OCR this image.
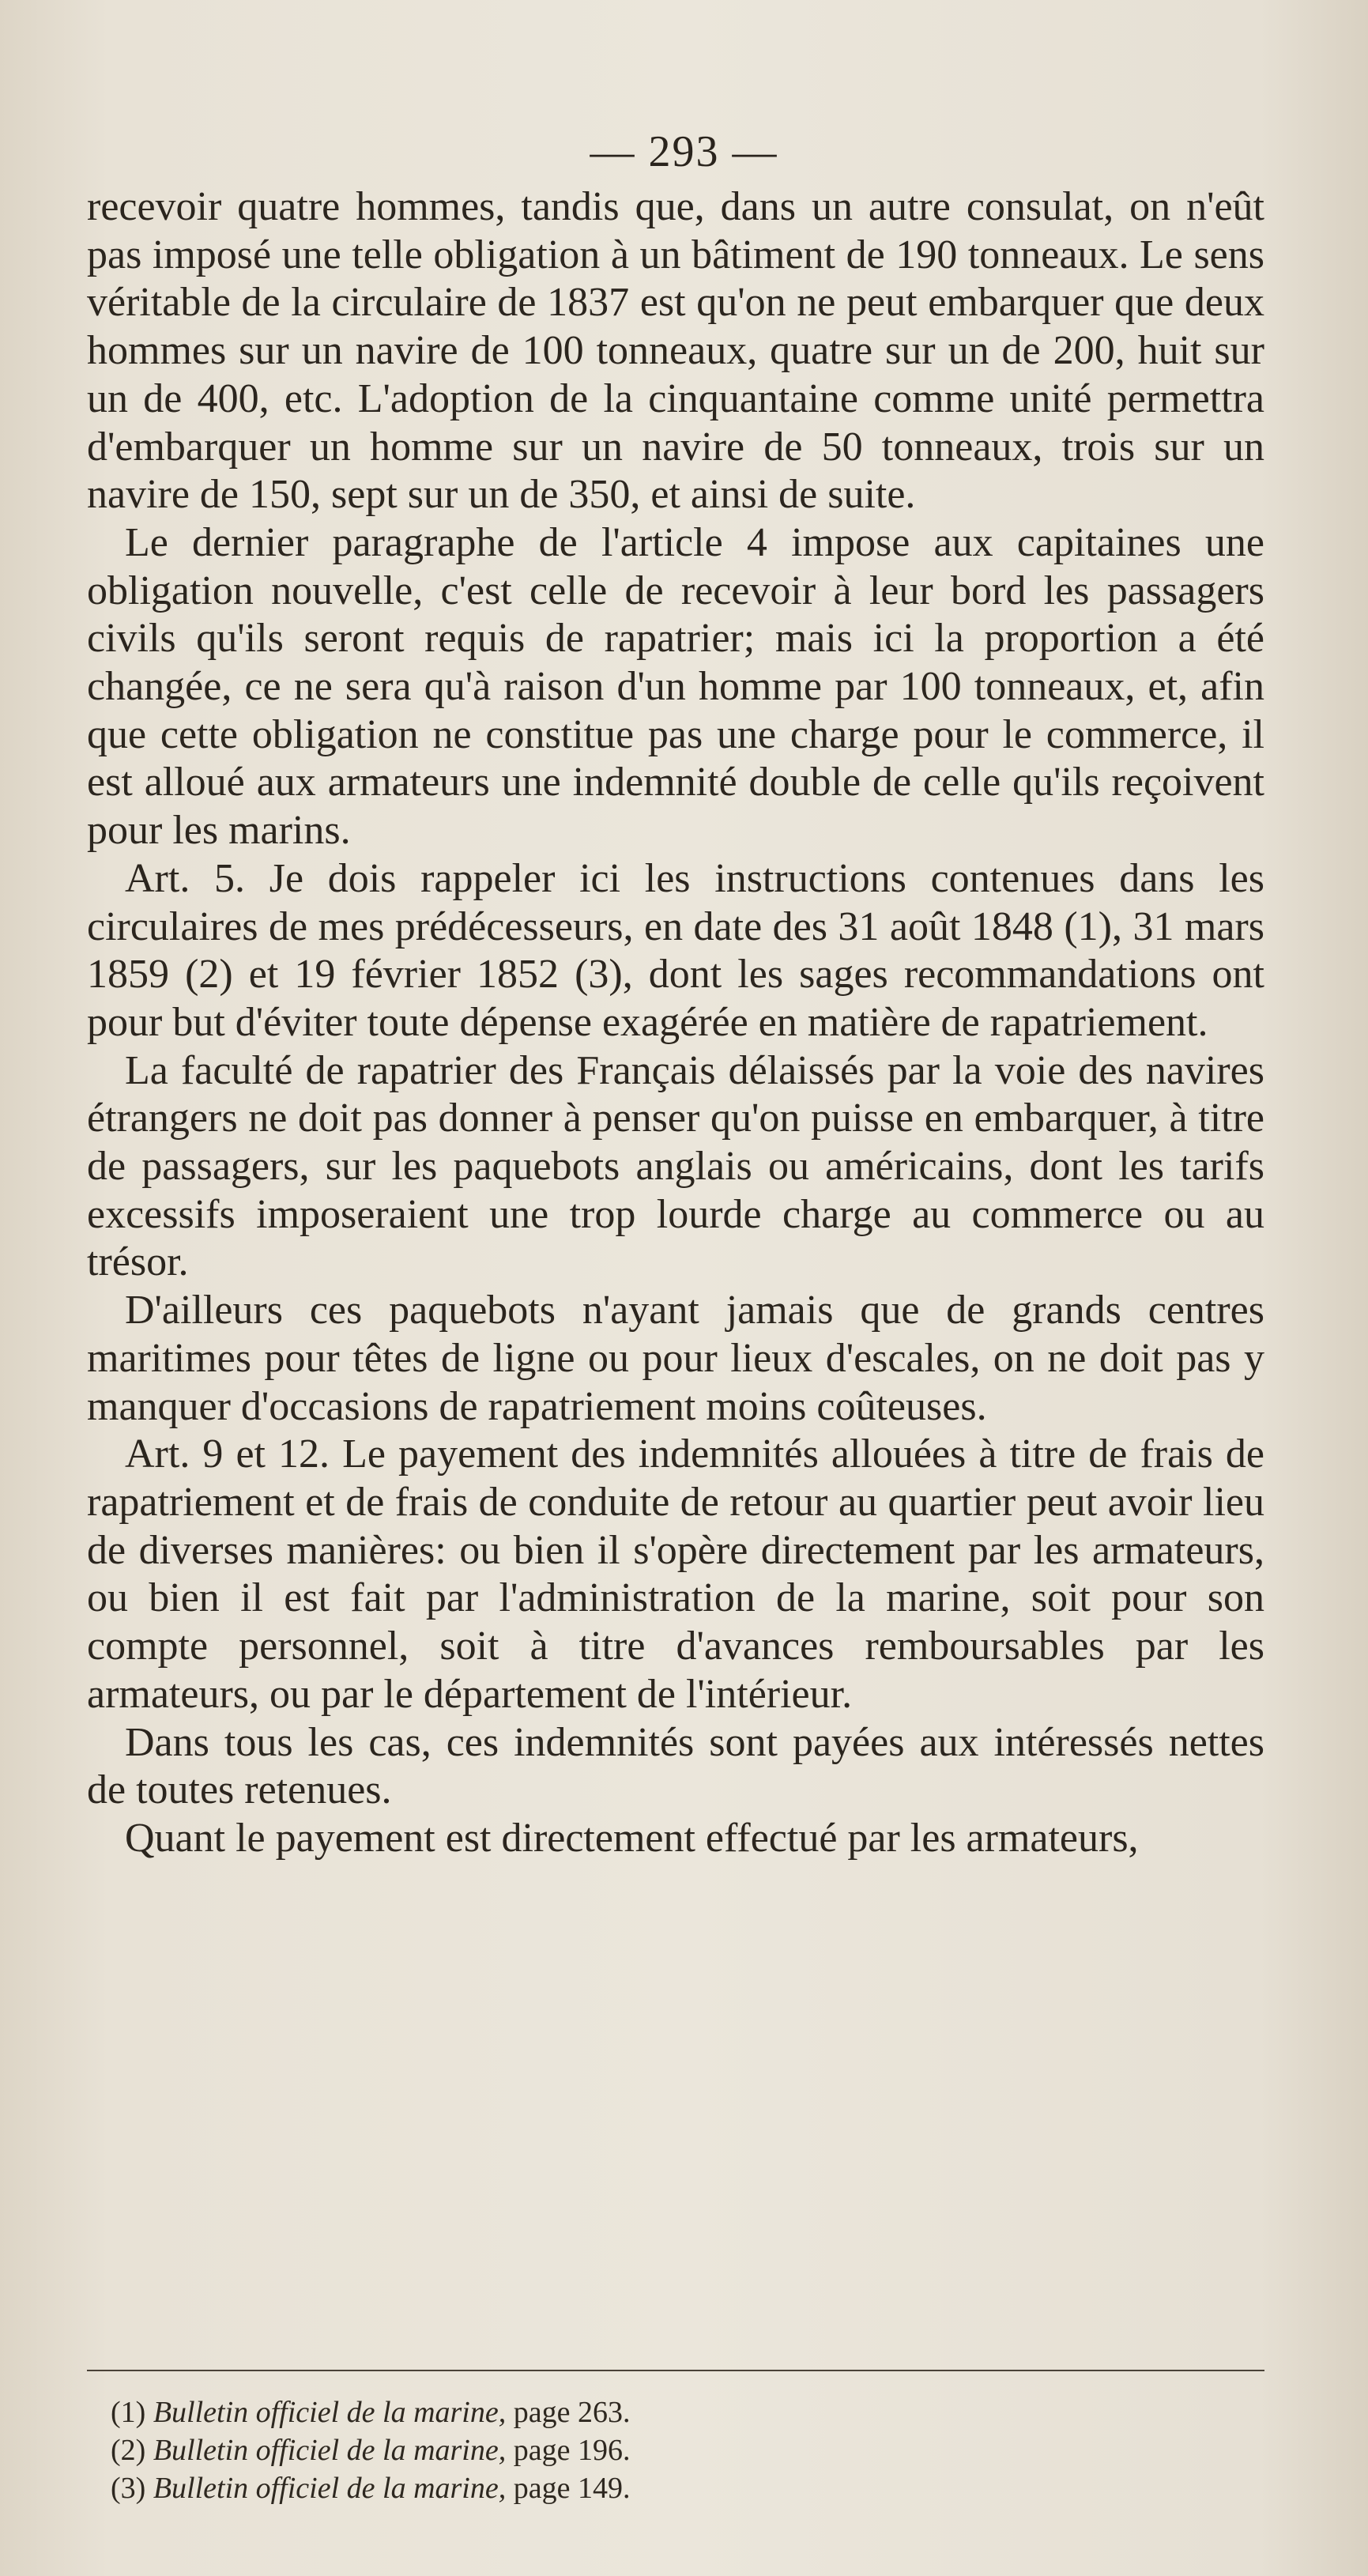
— 293 —

recevoir quatre hommes, tandis que, dans un autre consulat, on n'eût pas imposé une telle obligation à un bâtiment de 190 tonneaux. Le sens véritable de la circulaire de 1837 est qu'on ne peut embarquer que deux hommes sur un navire de 100 tonneaux, quatre sur un de 200, huit sur un de 400, etc. L'adoption de la cinquantaine comme unité permettra d'embarquer un homme sur un navire de 50 tonneaux, trois sur un navire de 150, sept sur un de 350, et ainsi de suite.

Le dernier paragraphe de l'article 4 impose aux capitaines une obligation nouvelle, c'est celle de recevoir à leur bord les passagers civils qu'ils seront requis de rapatrier; mais ici la proportion a été changée, ce ne sera qu'à raison d'un homme par 100 tonneaux, et, afin que cette obligation ne constitue pas une charge pour le commerce, il est alloué aux armateurs une indemnité double de celle qu'ils reçoivent pour les marins.

Art. 5. Je dois rappeler ici les instructions contenues dans les circulaires de mes prédécesseurs, en date des 31 août 1848 (1), 31 mars 1859 (2) et 19 février 1852 (3), dont les sages recommandations ont pour but d'éviter toute dépense exagérée en matière de rapatriement.

La faculté de rapatrier des Français délaissés par la voie des navires étrangers ne doit pas donner à penser qu'on puisse en embarquer, à titre de passagers, sur les paquebots anglais ou américains, dont les tarifs excessifs imposeraient une trop lourde charge au commerce ou au trésor.

D'ailleurs ces paquebots n'ayant jamais que de grands centres maritimes pour têtes de ligne ou pour lieux d'escales, on ne doit pas y manquer d'occasions de rapatriement moins coûteuses.

Art. 9 et 12. Le payement des indemnités allouées à titre de frais de rapatriement et de frais de conduite de retour au quartier peut avoir lieu de diverses manières: ou bien il s'opère directement par les armateurs, ou bien il est fait par l'administration de la marine, soit pour son compte personnel, soit à titre d'avances remboursables par les armateurs, ou par le département de l'intérieur.

Dans tous les cas, ces indemnités sont payées aux intéressés nettes de toutes retenues.

Quant le payement est directement effectué par les armateurs,

(1) Bulletin officiel de la marine, page 263.
(2) Bulletin officiel de la marine, page 196.
(3) Bulletin officiel de la marine, page 149.
